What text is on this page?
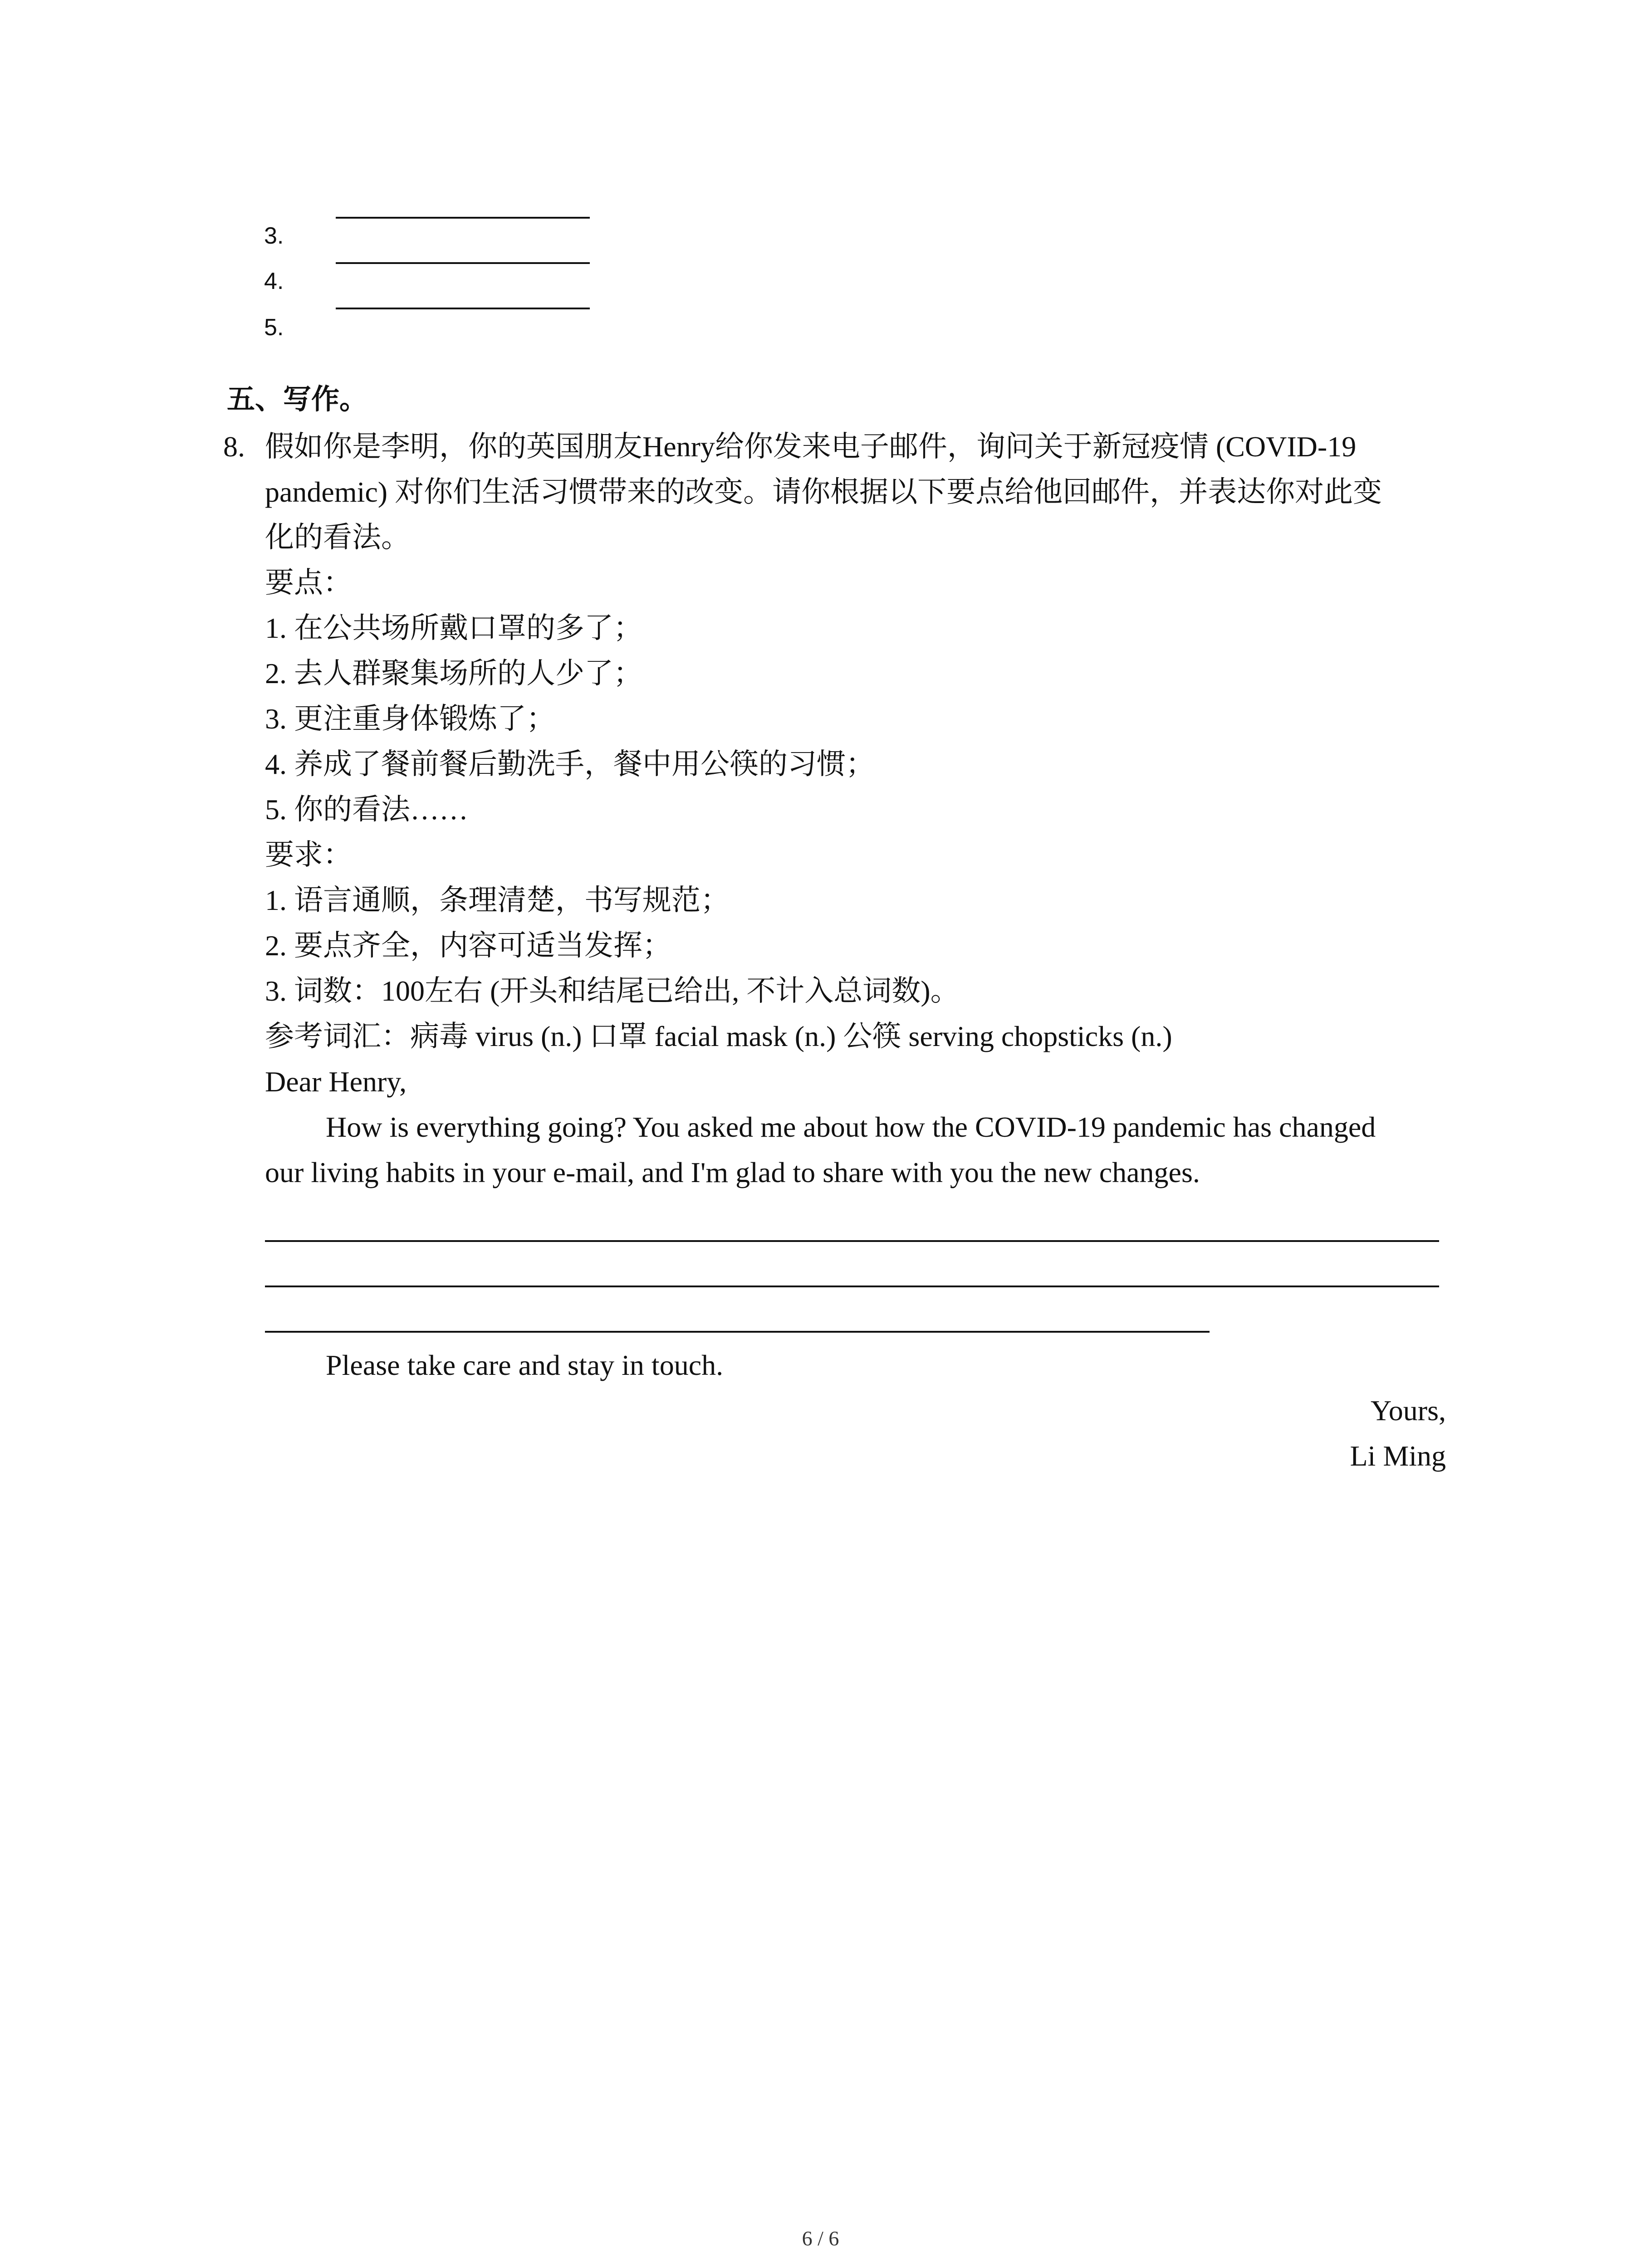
3.
4.
5.
五、写作。
8. 假如你是李明，你的英国朋友Henry给你发来电子邮件，询问关于新冠疫情 (COVID-19
pandemic) 对你们生活习惯带来的改变。请你根据以下要点给他回邮件，并表达你对此变
化的看法。
要点：
1. 在公共场所戴口罩的多了；
2. 去人群聚集场所的人少了；
3. 更注重身体锻炼了；
4. 养成了餐前餐后勤洗手，餐中用公筷的习惯；
5. 你的看法……
要求：
1. 语言通顺，条理清楚，书写规范；
2. 要点齐全，内容可适当发挥；
3. 词数：100左右 (开头和结尾已给出, 不计入总词数)。
参考词汇：病毒 virus (n.) 口罩 facial mask (n.) 公筷 serving chopsticks (n.)
Dear Henry,
How is everything going? You asked me about how the COVID-19 pandemic has changed
our living habits in your e-mail, and I'm glad to share with you the new changes.
Please take care and stay in touch.
Yours,
Li Ming
6 / 6
